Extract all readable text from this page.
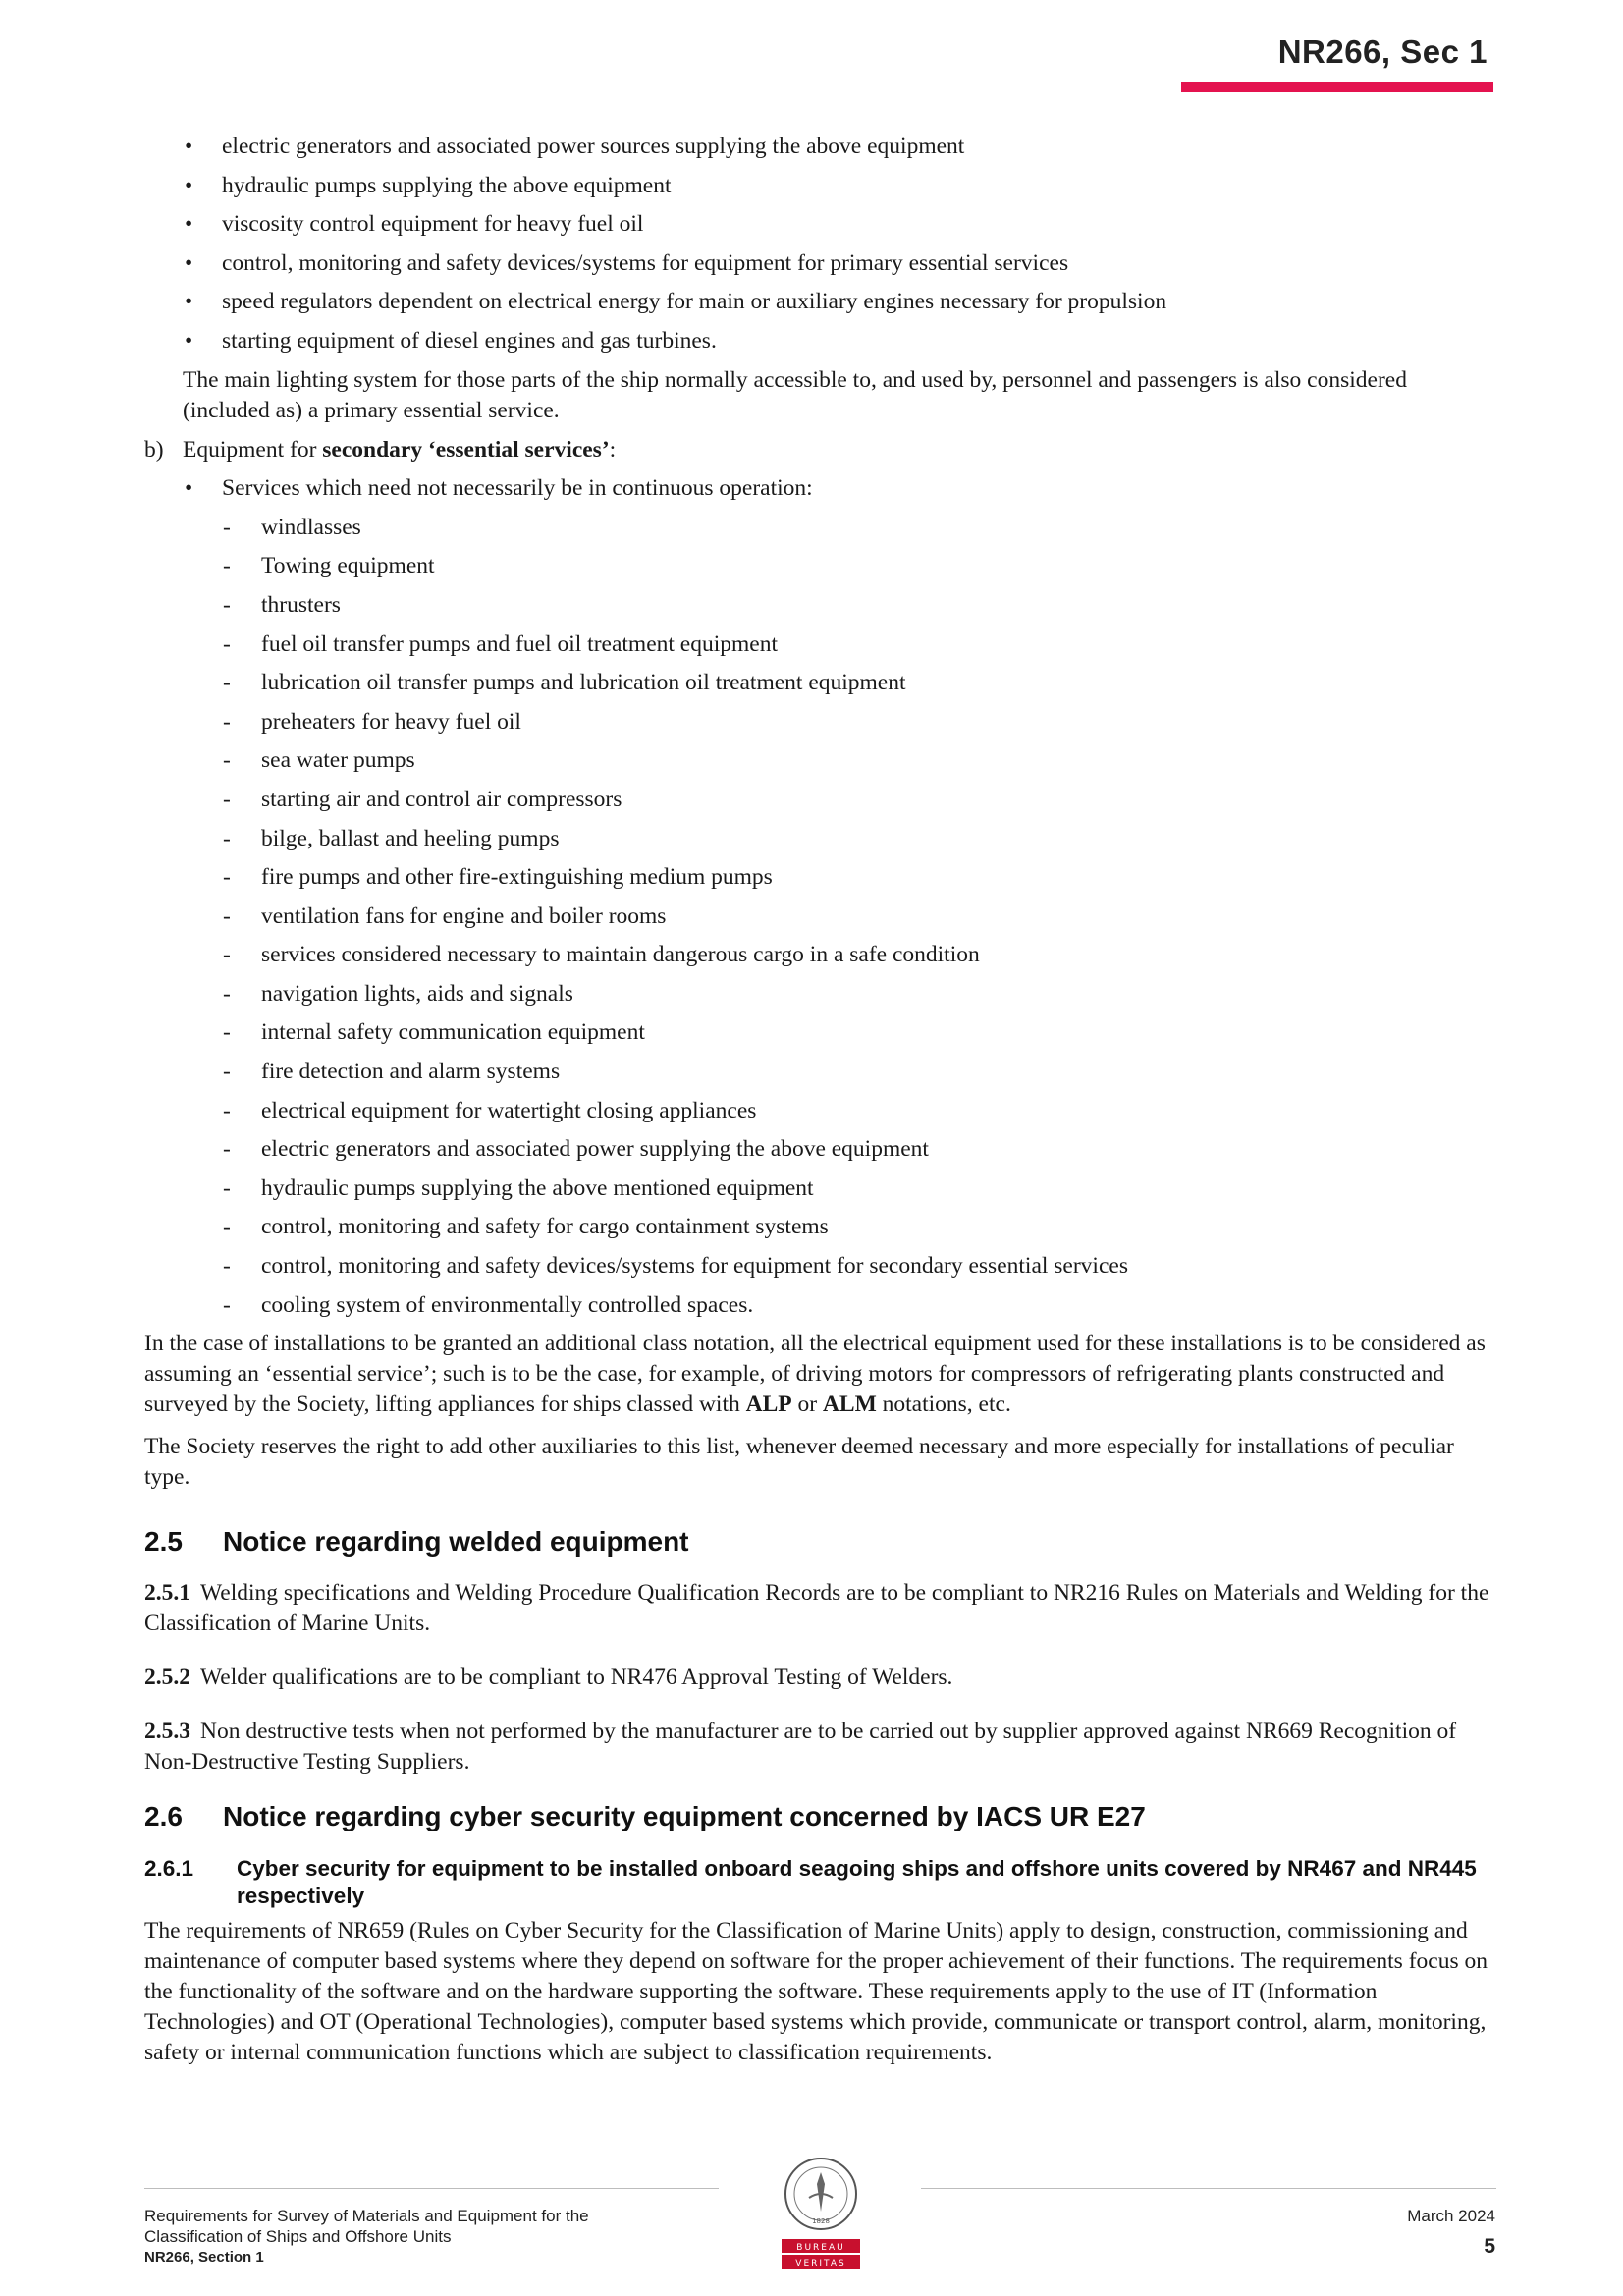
NR266, Sec 1

• electric generators and associated power sources supplying the above equipment

• hydraulic pumps supplying the above equipment

• viscosity control equipment for heavy fuel oil

• control, monitoring and safety devices/systems for equipment for primary essential services

• speed regulators dependent on electrical energy for main or auxiliary engines necessary for propulsion

• starting equipment of diesel engines and gas turbines.

The main lighting system for those parts of the ship normally accessible to, and used by, personnel and passengers is also considered (included as) a primary essential service.

b) Equipment for secondary ‘essential services’:

• Services which need not necessarily be in continuous operation:

- windlasses

- Towing equipment

- thrusters

- fuel oil transfer pumps and fuel oil treatment equipment

- lubrication oil transfer pumps and lubrication oil treatment equipment

- preheaters for heavy fuel oil

- sea water pumps

- starting air and control air compressors

- bilge, ballast and heeling pumps

- fire pumps and other fire-extinguishing medium pumps

- ventilation fans for engine and boiler rooms

- services considered necessary to maintain dangerous cargo in a safe condition

- navigation lights, aids and signals

- internal safety communication equipment

- fire detection and alarm systems

- electrical equipment for watertight closing appliances

- electric generators and associated power supplying the above equipment

- hydraulic pumps supplying the above mentioned equipment

- control, monitoring and safety for cargo containment systems

- control, monitoring and safety devices/systems for equipment for secondary essential services

- cooling system of environmentally controlled spaces.

In the case of installations to be granted an additional class notation, all the electrical equipment used for these installations is to be considered as assuming an ‘essential service’; such is to be the case, for example, of driving motors for compressors of refrigerating plants constructed and surveyed by the Society, lifting appliances for ships classed with ALP or ALM notations, etc.

The Society reserves the right to add other auxiliaries to this list, whenever deemed necessary and more especially for installations of peculiar type.

2.5 Notice regarding welded equipment

2.5.1 Welding specifications and Welding Procedure Qualification Records are to be compliant to NR216 Rules on Materials and Welding for the Classification of Marine Units.

2.5.2 Welder qualifications are to be compliant to NR476 Approval Testing of Welders.

2.5.3 Non destructive tests when not performed by the manufacturer are to be carried out by supplier approved against NR669 Recognition of Non-Destructive Testing Suppliers.

2.6 Notice regarding cyber security equipment concerned by IACS UR E27
2.6.1 Cyber security for equipment to be installed onboard seagoing ships and offshore units covered by NR467 and NR445 respectively

The requirements of NR659 (Rules on Cyber Security for the Classification of Marine Units) apply to design, construction, commissioning and maintenance of computer based systems where they depend on software for the proper achievement of their functions. The requirements focus on the functionality of the software and on the hardware supporting the software. These requirements apply to the use of IT (Information Technologies) and OT (Operational Technologies), computer based systems which provide, communicate or transport control, alarm, monitoring, safety or internal communication functions which are subject to classification requirements.

Requirements for Survey of Materials and Equipment for the
Classification of Ships and Offshore Units
NR266, Section 1
1828
BUREAU
VERITAS
March 2024
5
